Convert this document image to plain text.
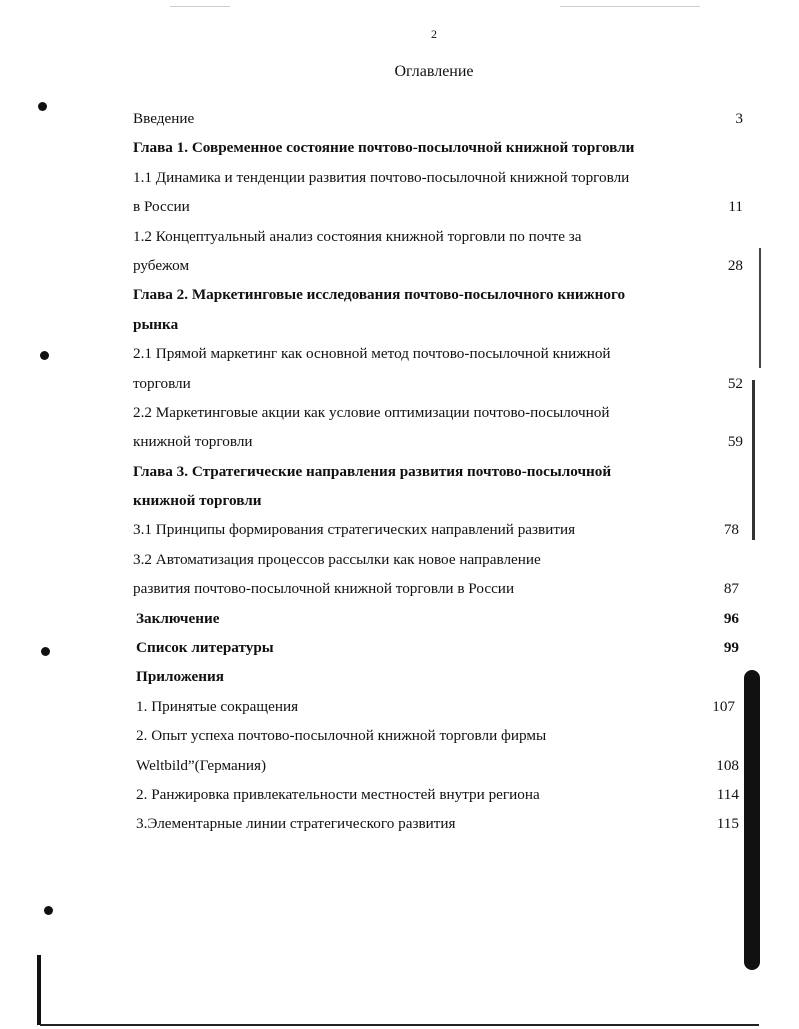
2
Оглавление
Введение	3
Глава 1. Современное состояние почтово-посылочной книжной торговли
1.1 Динамика и тенденции развития почтово-посылочной книжной торговли
в России	11
1.2 Концептуальный анализ состояния книжной торговли по почте за
рубежом	28
Глава 2. Маркетинговые исследования почтово-посылочного книжного
рынка
2.1 Прямой маркетинг как основной метод почтово-посылочной книжной
торговли	52
2.2 Маркетинговые акции как условие оптимизации почтово-посылочной
книжной торговли	59
Глава 3. Стратегические направления развития почтово-посылочной
книжной торговли
3.1 Принципы формирования стратегических направлений развития	78
3.2 Автоматизация процессов рассылки как новое направление
развития почтово-посылочной книжной торговли в России	87
Заключение	96
Список литературы	99
Приложения
1. Принятые сокращения	107
2. Опыт успеха почтово-посылочной книжной торговли фирмы
Weltbild”(Германия)	108
2. Ранжировка привлекательности местностей внутри региона	114
3.Элементарные линии стратегического развития	115
